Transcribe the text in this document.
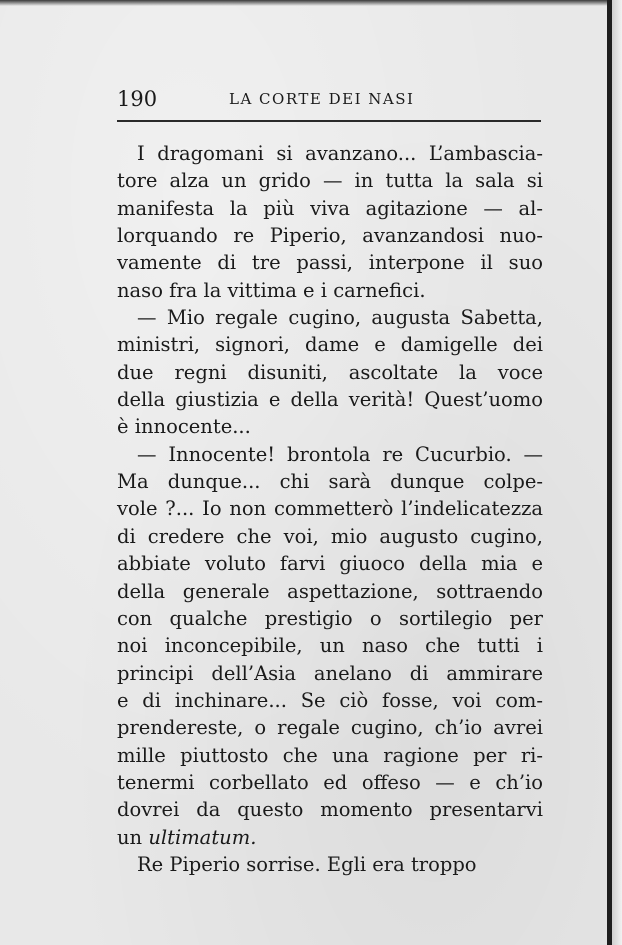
190	LA CORTE DEI NASI
I dragomani si avanzano... L’ambascia-
tore alza un grido — in tutta la sala si
manifesta la più viva agitazione — al-
lorquando re Piperio, avanzandosi nuo-
vamente di tre passi, interpone il suo
naso fra la vittima e i carnefici.
— Mio regale cugino, augusta Sabetta,
ministri, signori, dame e damigelle dei
due regni disuniti, ascoltate la voce
della giustizia e della verità! Quest’uomo
è innocente...
— Innocente! brontola re Cucurbio. —
Ma dunque... chi sarà dunque colpe-
vole ?... Io non commetterò l’indelicatezza
di credere che voi, mio augusto cugino,
abbiate voluto farvi giuoco della mia e
della generale aspettazione, sottraendo
con qualche prestigio o sortilegio per
noi inconcepibile, un naso che tutti i
principi dell’Asia anelano di ammirare
e di inchinare... Se ciò fosse, voi com-
prendereste, o regale cugino, ch’io avrei
mille piuttosto che una ragione per ri-
tenermi corbellato ed offeso — e ch’io
dovrei da questo momento presentarvi
un ultimatum.
Re Piperio sorrise. Egli era troppo
